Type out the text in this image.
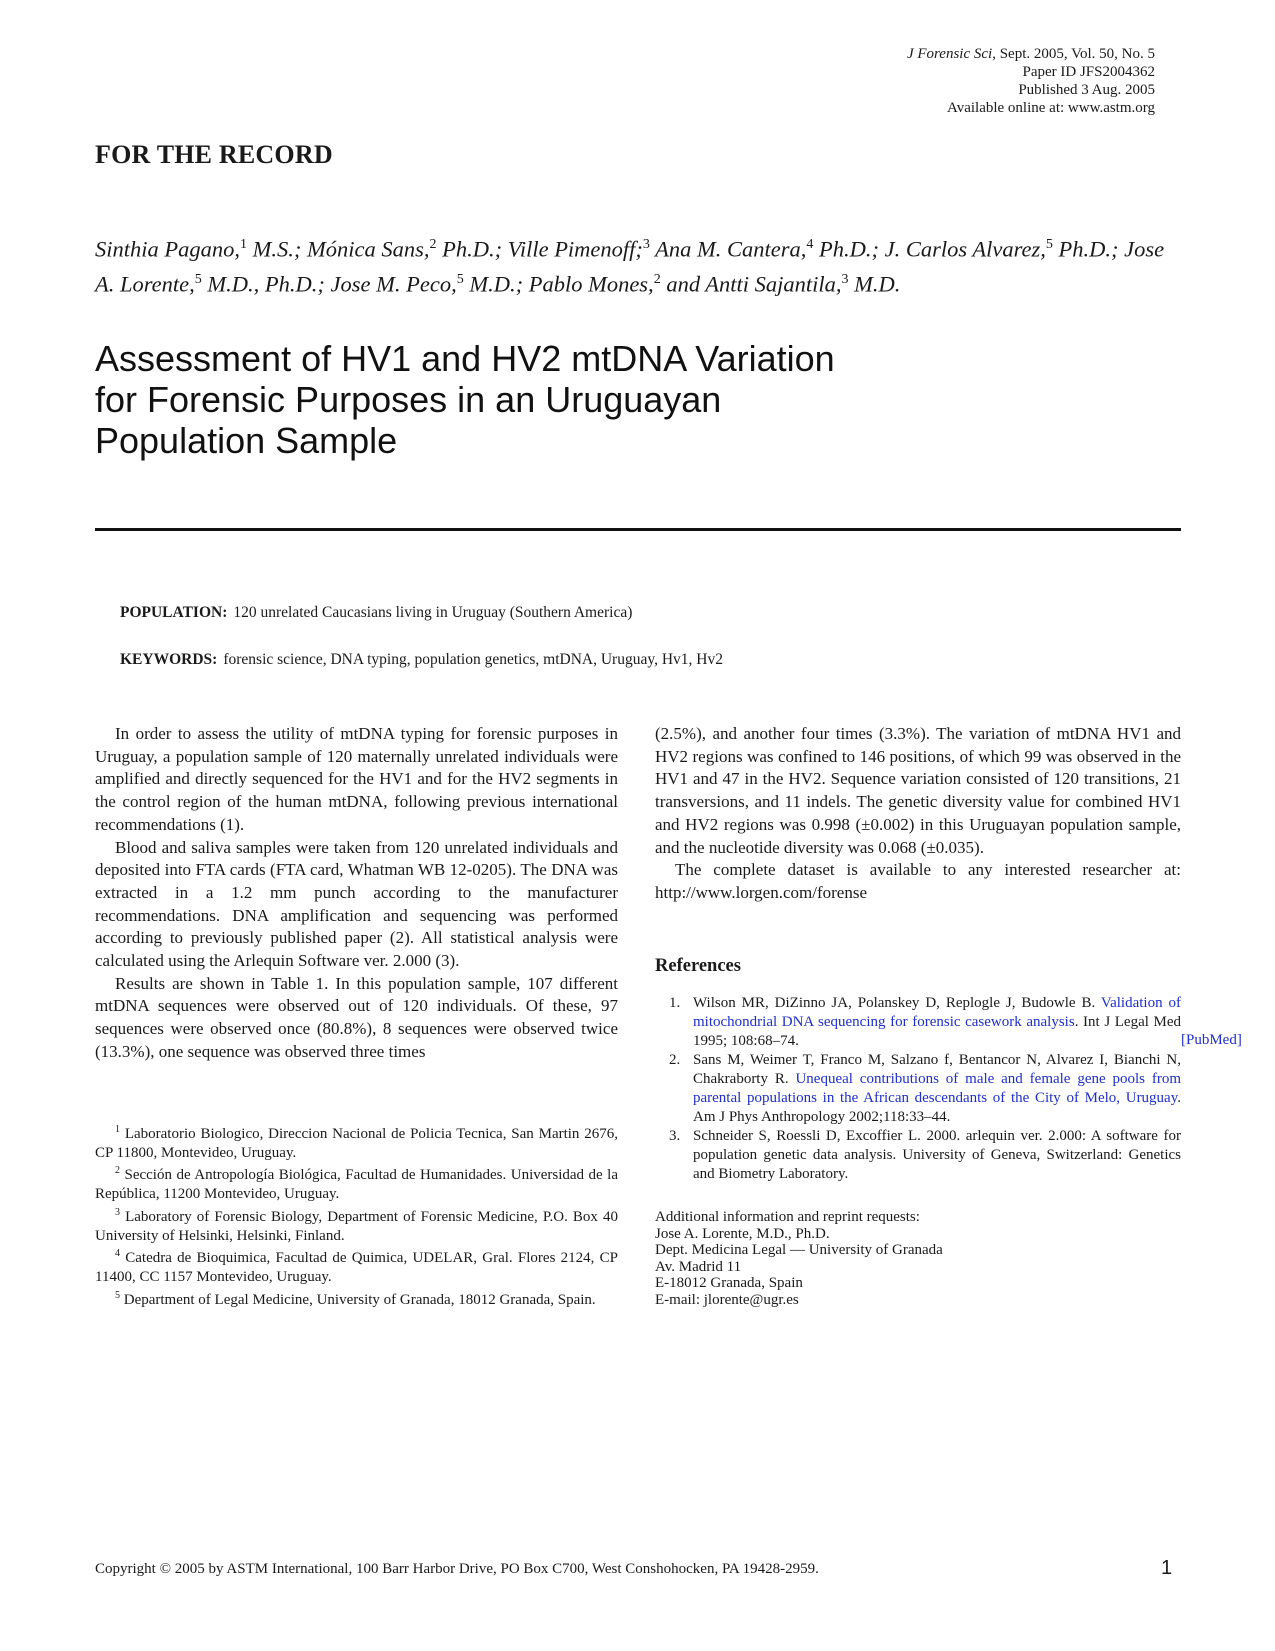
J Forensic Sci, Sept. 2005, Vol. 50, No. 5
Paper ID JFS2004362
Published 3 Aug. 2005
Available online at: www.astm.org
FOR THE RECORD
Sinthia Pagano,$^1$ M.S.; Mónica Sans,$^2$ Ph.D.; Ville Pimenoff;$^3$ Ana M. Cantera,$^4$ Ph.D.; J. Carlos Alvarez,$^5$ Ph.D.; Jose A. Lorente,$^5$ M.D., Ph.D.; Jose M. Peco,$^5$ M.D.; Pablo Mones,$^2$ and Antti Sajantila,$^3$ M.D.
Assessment of HV1 and HV2 mtDNA Variation
for Forensic Purposes in an Uruguayan
Population Sample
POPULATION: 120 unrelated Caucasians living in Uruguay (Southern America)
KEYWORDS: forensic science, DNA typing, population genetics, mtDNA, Uruguay, Hv1, Hv2

In order to assess the utility of mtDNA typing for forensic purposes in Uruguay, a population sample of 120 maternally unrelated individuals were amplified and directly sequenced for the HV1 and for the HV2 segments in the control region of the human mtDNA, following previous international recommendations (1).

Blood and saliva samples were taken from 120 unrelated individuals and deposited into FTA cards (FTA card, Whatman WB 12-0205). The DNA was extracted in a 1.2 mm punch according to the manufacturer recommendations. DNA amplification and sequencing was performed according to previously published paper (2). All statistical analysis were calculated using the Arlequin Software ver. 2.000 (3).

Results are shown in Table 1. In this population sample, 107 different mtDNA sequences were observed out of 120 individuals. Of these, 97 sequences were observed once (80.8%), 8 sequences were observed twice (13.3%), one sequence was observed three times

(2.5%), and another four times (3.3%). The variation of mtDNA HV1 and HV2 regions was confined to 146 positions, of which 99 was observed in the HV1 and 47 in the HV2. Sequence variation consisted of 120 transitions, 21 transversions, and 11 indels. The genetic diversity value for combined HV1 and HV2 regions was 0.998 (±0.002) in this Uruguayan population sample, and the nucleotide diversity was 0.068 (±0.035).

The complete dataset is available to any interested researcher at: http://www.lorgen.com/forense

References
1. Wilson MR, DiZinno JA, Polanskey D, Replogle J, Budowle B. Validation of mitochondrial DNA sequencing for forensic casework analysis. Int J Legal Med 1995; 108:68–74.
2. Sans M, Weimer T, Franco M, Salzano f, Bentancor N, Alvarez I, Bianchi N, Chakraborty R. Unequeal contributions of male and female gene pools from parental populations in the African descendants of the City of Melo, Uruguay. Am J Phys Anthropology 2002;118:33–44.
3. Schneider S, Roessli D, Excoffier L. 2000. arlequin ver. 2.000: A software for population genetic data analysis. University of Geneva, Switzerland: Genetics and Biometry Laboratory.
[PubMed]

$^1$ Laboratorio Biologico, Direccion Nacional de Policia Tecnica, San Martin 2676, CP 11800, Montevideo, Uruguay.

$^2$ Sección de Antropología Biológica, Facultad de Humanidades. Universidad de la República, 11200 Montevideo, Uruguay.

$^3$ Laboratory of Forensic Biology, Department of Forensic Medicine, P.O. Box 40 University of Helsinki, Helsinki, Finland.

$^4$ Catedra de Bioquimica, Facultad de Quimica, UDELAR, Gral. Flores 2124, CP 11400, CC 1157 Montevideo, Uruguay.

$^5$ Department of Legal Medicine, University of Granada, 18012 Granada, Spain.

Additional information and reprint requests:
Jose A. Lorente, M.D., Ph.D.
Dept. Medicina Legal — University of Granada
Av. Madrid 11
E-18012 Granada, Spain
E-mail: jlorente@ugr.es
Copyright © 2005 by ASTM International, 100 Barr Harbor Drive, PO Box C700, West Conshohocken, PA 19428-2959.	1
